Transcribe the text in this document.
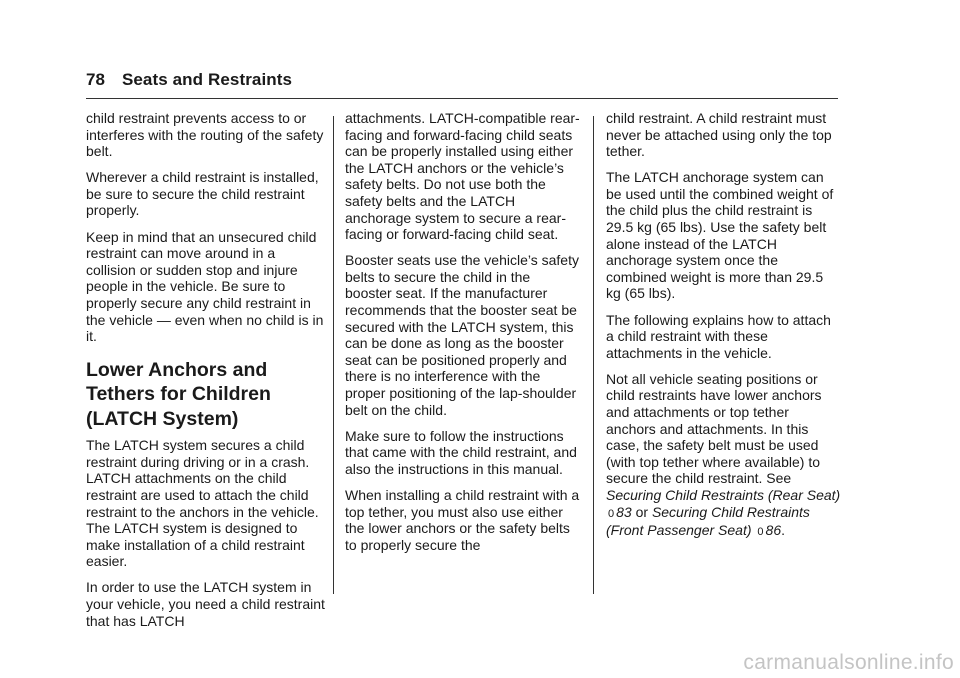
78 Seats and Restraints

child restraint prevents access to or interferes with the routing of the safety belt.

Wherever a child restraint is installed, be sure to secure the child restraint properly.

Keep in mind that an unsecured child restraint can move around in a collision or sudden stop and injure people in the vehicle. Be sure to properly secure any child restraint in the vehicle — even when no child is in it.

Lower Anchors and Tethers for Children (LATCH System)

The LATCH system secures a child restraint during driving or in a crash. LATCH attachments on the child restraint are used to attach the child restraint to the anchors in the vehicle. The LATCH system is designed to make installation of a child restraint easier.

In order to use the LATCH system in your vehicle, you need a child restraint that has LATCH

attachments. LATCH-compatible rear-facing and forward-facing child seats can be properly installed using either the LATCH anchors or the vehicle’s safety belts. Do not use both the safety belts and the LATCH anchorage system to secure a rear-facing or forward-facing child seat.

Booster seats use the vehicle’s safety belts to secure the child in the booster seat. If the manufacturer recommends that the booster seat be secured with the LATCH system, this can be done as long as the booster seat can be positioned properly and there is no interference with the proper positioning of the lap-shoulder belt on the child.

Make sure to follow the instructions that came with the child restraint, and also the instructions in this manual.

When installing a child restraint with a top tether, you must also use either the lower anchors or the safety belts to properly secure the

child restraint. A child restraint must never be attached using only the top tether.

The LATCH anchorage system can be used until the combined weight of the child plus the child restraint is 29.5 kg (65 lbs). Use the safety belt alone instead of the LATCH anchorage system once the combined weight is more than 29.5 kg (65 lbs).

The following explains how to attach a child restraint with these attachments in the vehicle.

Not all vehicle seating positions or child restraints have lower anchors and attachments or top tether anchors and attachments. In this case, the safety belt must be used (with top tether where available) to secure the child restraint. See Securing Child Restraints (Rear Seat) 0 83 or Securing Child Restraints (Front Passenger Seat) 0 86.

carmanualsonline.info
